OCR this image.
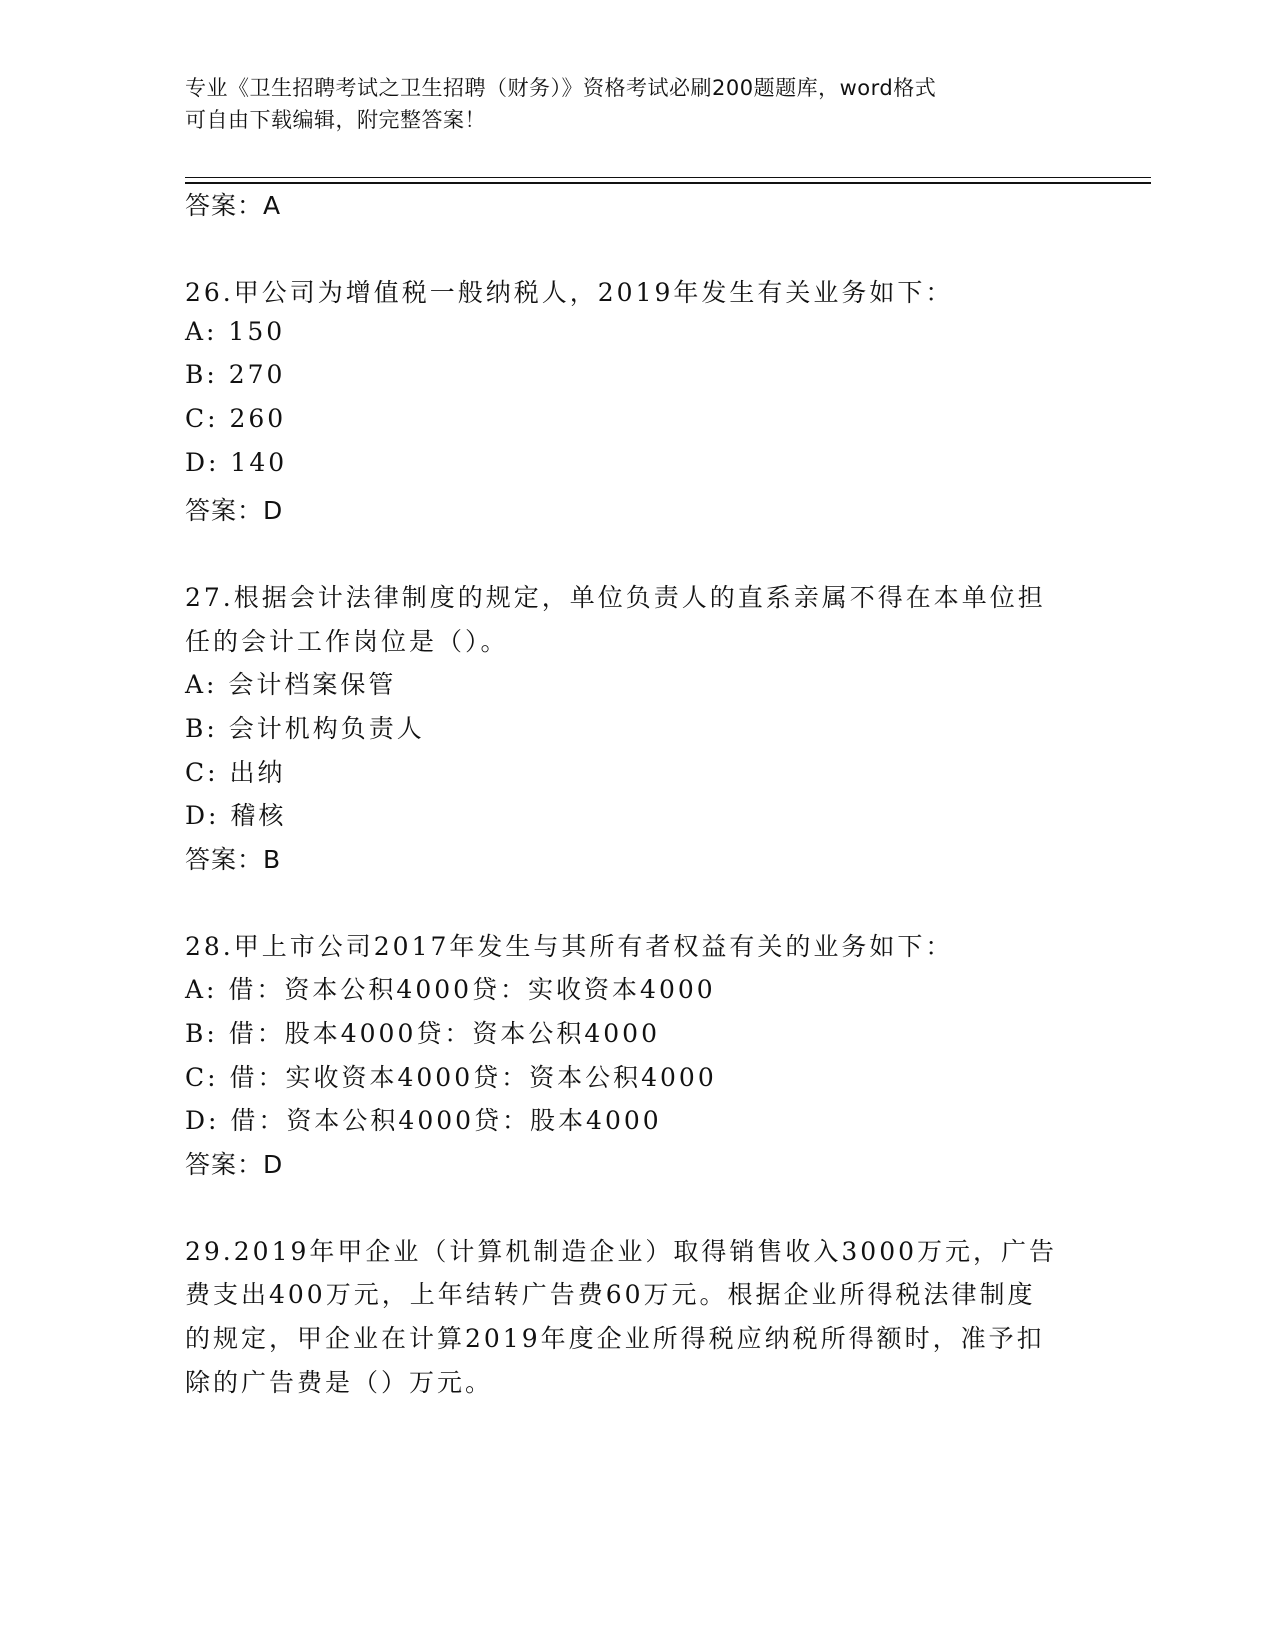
专业《卫生招聘考试之卫生招聘（财务）》资格考试必刷200题题库，word格式
可自由下载编辑，附完整答案！
答案：A
26.甲公司为增值税一般纳税人，2019年发生有关业务如下：
A: 150
B: 270
C: 260
D: 140
答案：D
27.根据会计法律制度的规定，单位负责人的直系亲属不得在本单位担
任的会计工作岗位是（）。
A: 会计档案保管
B: 会计机构负责人
C: 出纳
D: 稽核
答案：B
28.甲上市公司2017年发生与其所有者权益有关的业务如下：
A: 借：资本公积4000贷：实收资本4000
B: 借：股本4000贷：资本公积4000
C: 借：实收资本4000贷：资本公积4000
D: 借：资本公积4000贷：股本4000
答案：D
29.2019年甲企业（计算机制造企业）取得销售收入3000万元，广告
费支出400万元，上年结转广告费60万元。根据企业所得税法律制度
的规定，甲企业在计算2019年度企业所得税应纳税所得额时，准予扣
除的广告费是（）万元。
